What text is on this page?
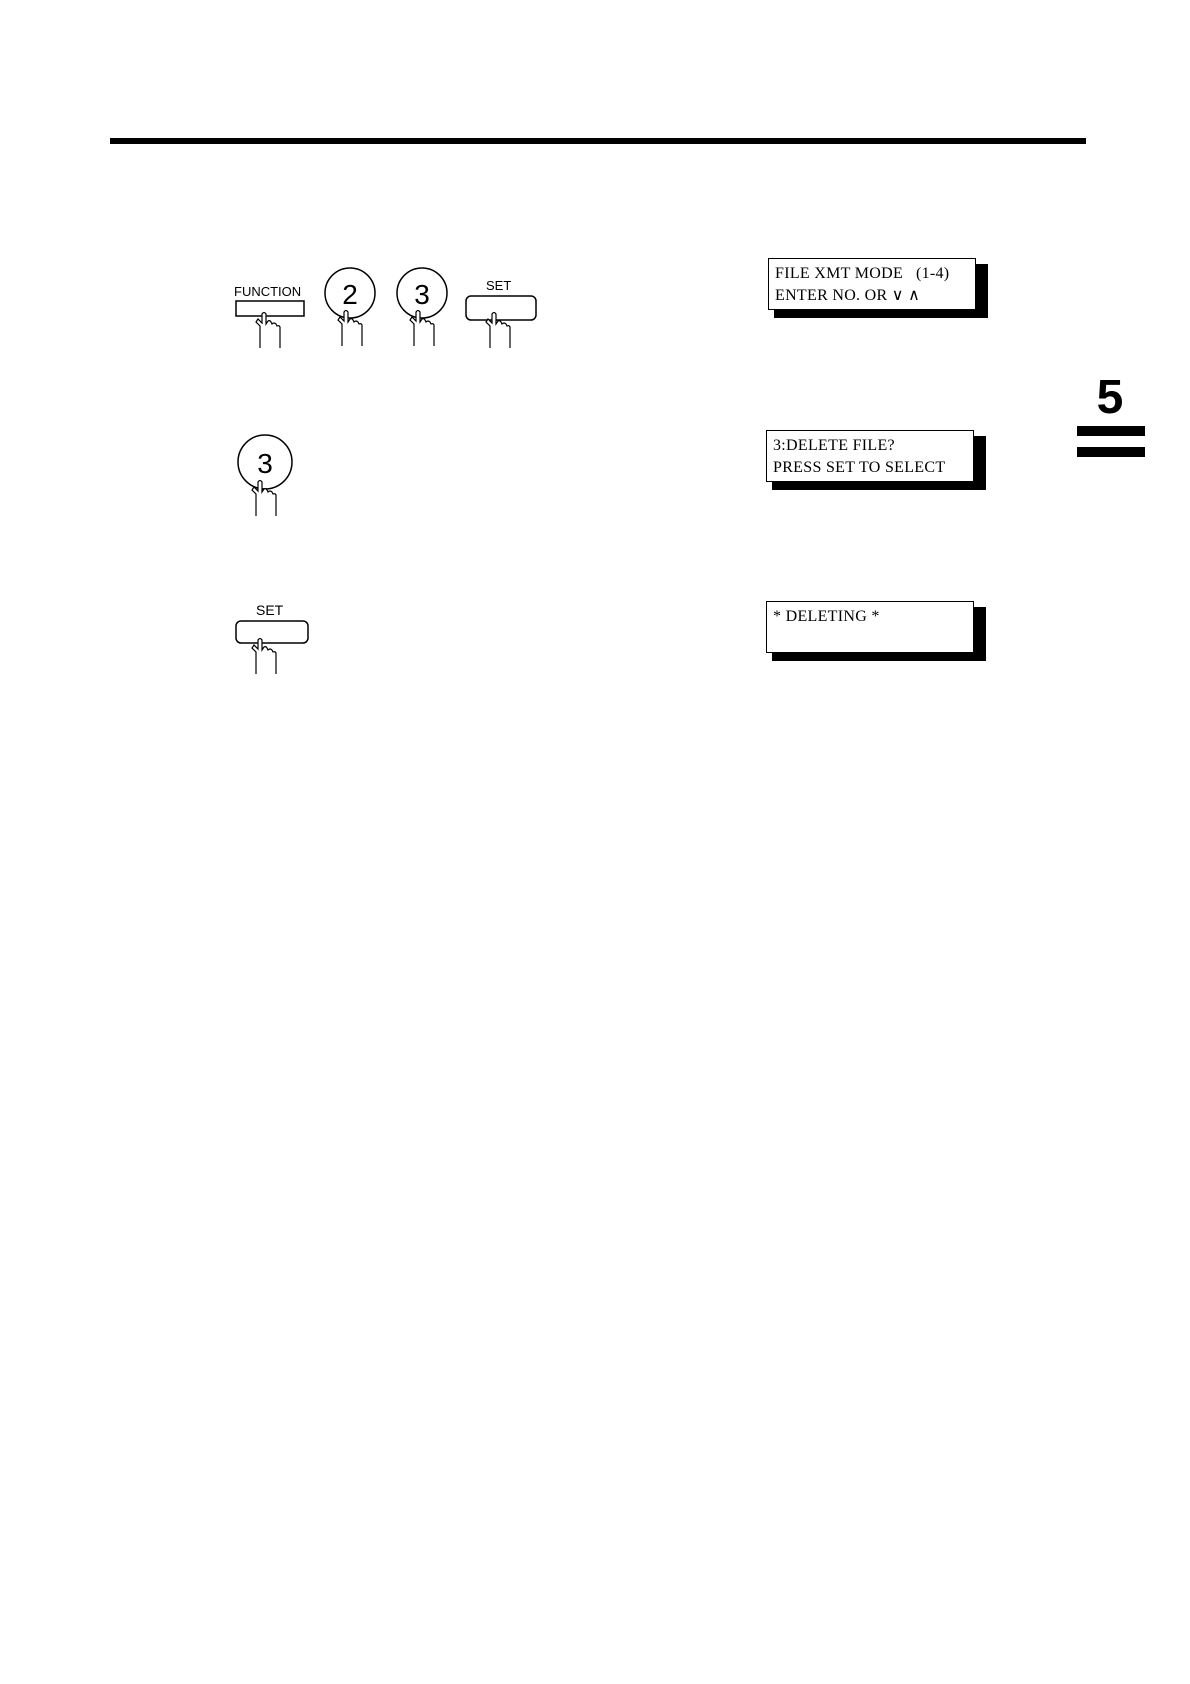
FUNCTION 2 3	SET
3
SET
FILE XMT MODE   (1-4)
ENTER NO. OR ∨ ∧
3:DELETE FILE?
PRESS SET TO SELECT
* DELETING *
5
